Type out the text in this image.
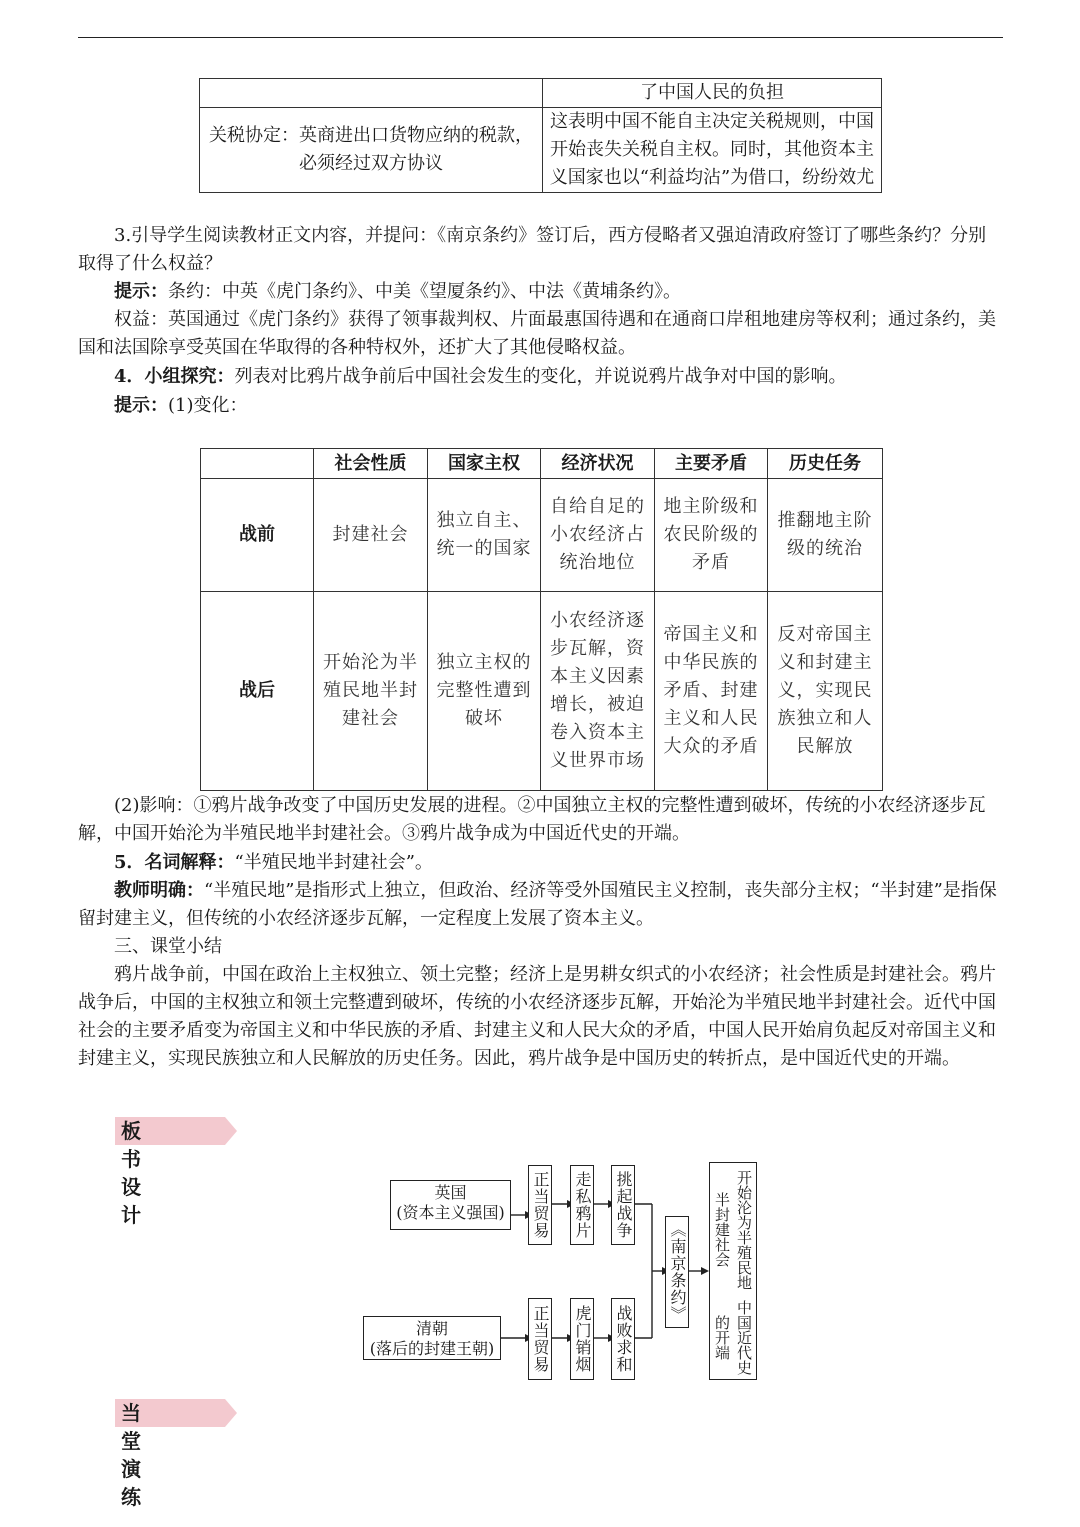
	了中国人民的负担
关税协定：英商进出口货物应纳的税款，必须经过双方协议	这表明中国不能自主决定关税规则，中国开始丧失关税自主权。同时，其他资本主义国家也以“利益均沾”为借口，纷纷效尤

3.引导学生阅读教材正文内容，并提问：《南京条约》签订后，西方侵略者又强迫清政府签订了哪些条约？分别取得了什么权益？

提示：条约：中英《虎门条约》、中美《望厦条约》、中法《黄埔条约》。

权益：英国通过《虎门条约》获得了领事裁判权、片面最惠国待遇和在通商口岸租地建房等权利；通过条约，美国和法国除享受英国在华取得的各种特权外，还扩大了其他侵略权益。

4．小组探究：列表对比鸦片战争前后中国社会发生的变化，并说说鸦片战争对中国的影响。

提示：(1)变化：

	社会性质	国家主权	经济状况	主要矛盾	历史任务
战前	封建社会	独立自主、统一的国家	自给自足的小农经济占统治地位	地主阶级和农民阶级的矛盾	推翻地主阶级的统治
战后	开始沦为半殖民地半封建社会	独立主权的完整性遭到破坏	小农经济逐步瓦解，资本主义因素增长，被迫卷入资本主义世界市场	帝国主义和中华民族的矛盾、封建主义和人民大众的矛盾	反对帝国主义和封建主义，实现民族独立和人民解放

(2)影响：①鸦片战争改变了中国历史发展的进程。②中国独立主权的完整性遭到破坏，传统的小农经济逐步瓦解，中国开始沦为半殖民地半封建社会。③鸦片战争成为中国近代史的开端。

5．名词解释：“半殖民地半封建社会”。

教师明确：“半殖民地”是指形式上独立，但政治、经济等受外国殖民主义控制，丧失部分主权；“半封建”是指保留封建主义，但传统的小农经济逐步瓦解，一定程度上发展了资本主义。

三、课堂小结

鸦片战争前，中国在政治上主权独立、领土完整；经济上是男耕女织式的小农经济；社会性质是封建社会。鸦片战争后，中国的主权独立和领土完整遭到破坏，传统的小农经济逐步瓦解，开始沦为半殖民地半封建社会。近代中国社会的主要矛盾变为帝国主义和中华民族的矛盾、封建主义和人民大众的矛盾，中国人民开始肩负起反对帝国主义和封建主义，实现民族独立和人民解放的历史任务。因此，鸦片战争是中国历史的转折点，是中国近代史的开端。

板书设计
英国
(资本主义强国)	正当贸易 走私鸦片 挑起战争
清朝
(落后的封建王朝)	正当贸易 虎门销烟 战败求和
《南京条约》	开始沦为半殖民地半封建社会
中国近代史的开端
当堂演练
